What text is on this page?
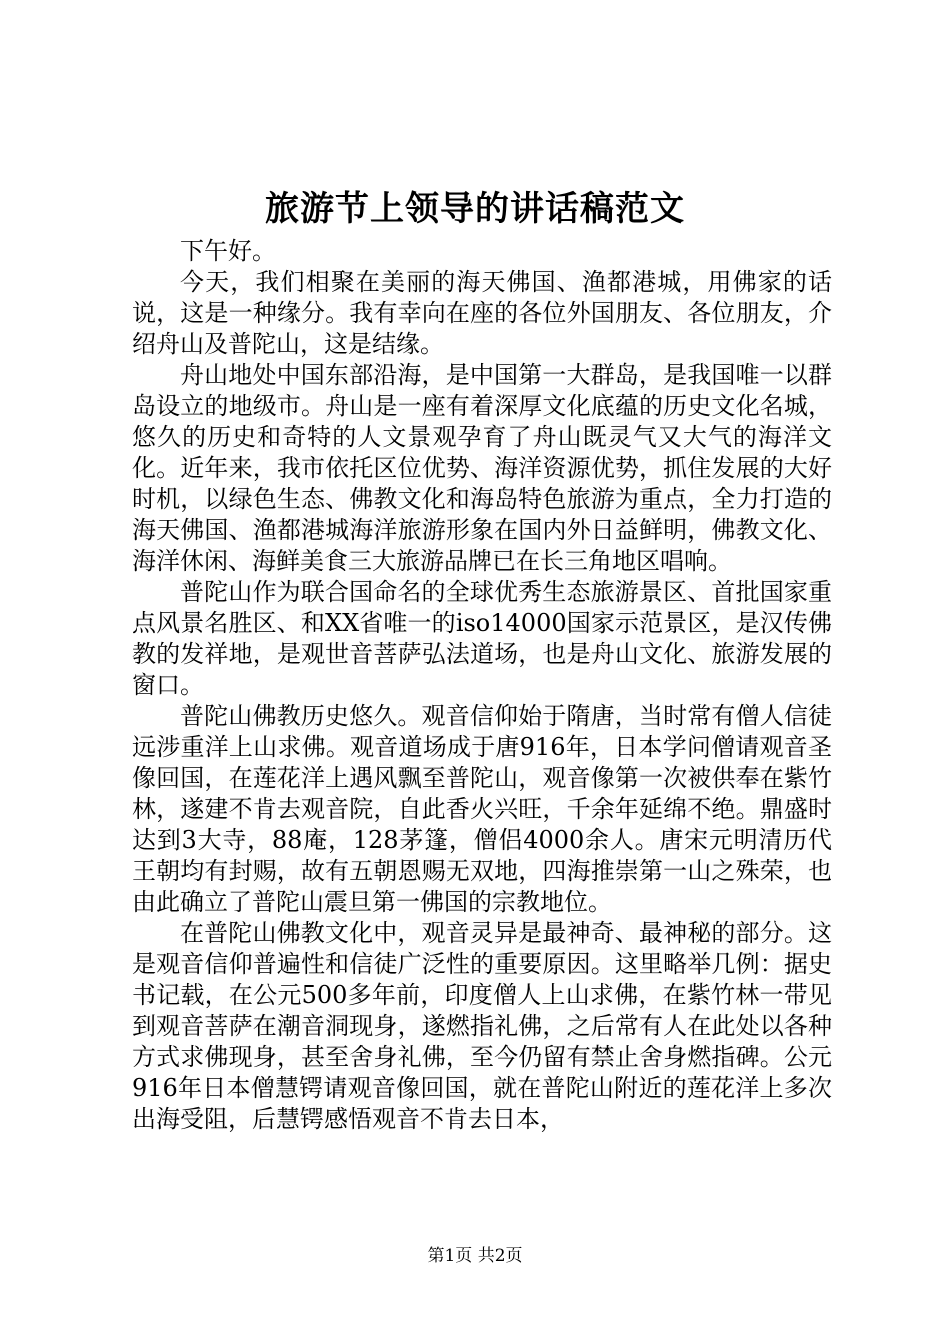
旅游节上领导的讲话稿范文

下午好。

今天，我们相聚在美丽的海天佛国、渔都港城，用佛家的话说，这是一种缘分。我有幸向在座的各位外国朋友、各位朋友，介绍舟山及普陀山，这是结缘。

舟山地处中国东部沿海，是中国第一大群岛，是我国唯一以群岛设立的地级市。舟山是一座有着深厚文化底蕴的历史文化名城，悠久的历史和奇特的人文景观孕育了舟山既灵气又大气的海洋文化。近年来，我市依托区位优势、海洋资源优势，抓住发展的大好时机，以绿色生态、佛教文化和海岛特色旅游为重点，全力打造的海天佛国、渔都港城海洋旅游形象在国内外日益鲜明，佛教文化、海洋休闲、海鲜美食三大旅游品牌已在长三角地区唱响。

普陀山作为联合国命名的全球优秀生态旅游景区、首批国家重点风景名胜区、和XX省唯一的iso14000国家示范景区，是汉传佛教的发祥地，是观世音菩萨弘法道场，也是舟山文化、旅游发展的窗口。

普陀山佛教历史悠久。观音信仰始于隋唐，当时常有僧人信徒远涉重洋上山求佛。观音道场成于唐916年，日本学问僧请观音圣像回国，在莲花洋上遇风飘至普陀山，观音像第一次被供奉在紫竹林，遂建不肯去观音院，自此香火兴旺，千余年延绵不绝。鼎盛时达到3大寺，88庵，128茅篷，僧侣4000余人。唐宋元明清历代王朝均有封赐，故有五朝恩赐无双地，四海推崇第一山之殊荣，也由此确立了普陀山震旦第一佛国的宗教地位。

在普陀山佛教文化中，观音灵异是最神奇、最神秘的部分。这是观音信仰普遍性和信徒广泛性的重要原因。这里略举几例：据史书记载，在公元500多年前，印度僧人上山求佛，在紫竹林一带见到观音菩萨在潮音洞现身，遂燃指礼佛，之后常有人在此处以各种方式求佛现身，甚至舍身礼佛，至今仍留有禁止舍身燃指碑。公元916年日本僧慧锷请观音像回国，就在普陀山附近的莲花洋上多次出海受阻，后慧锷感悟观音不肯去日本，

第1页 共2页
